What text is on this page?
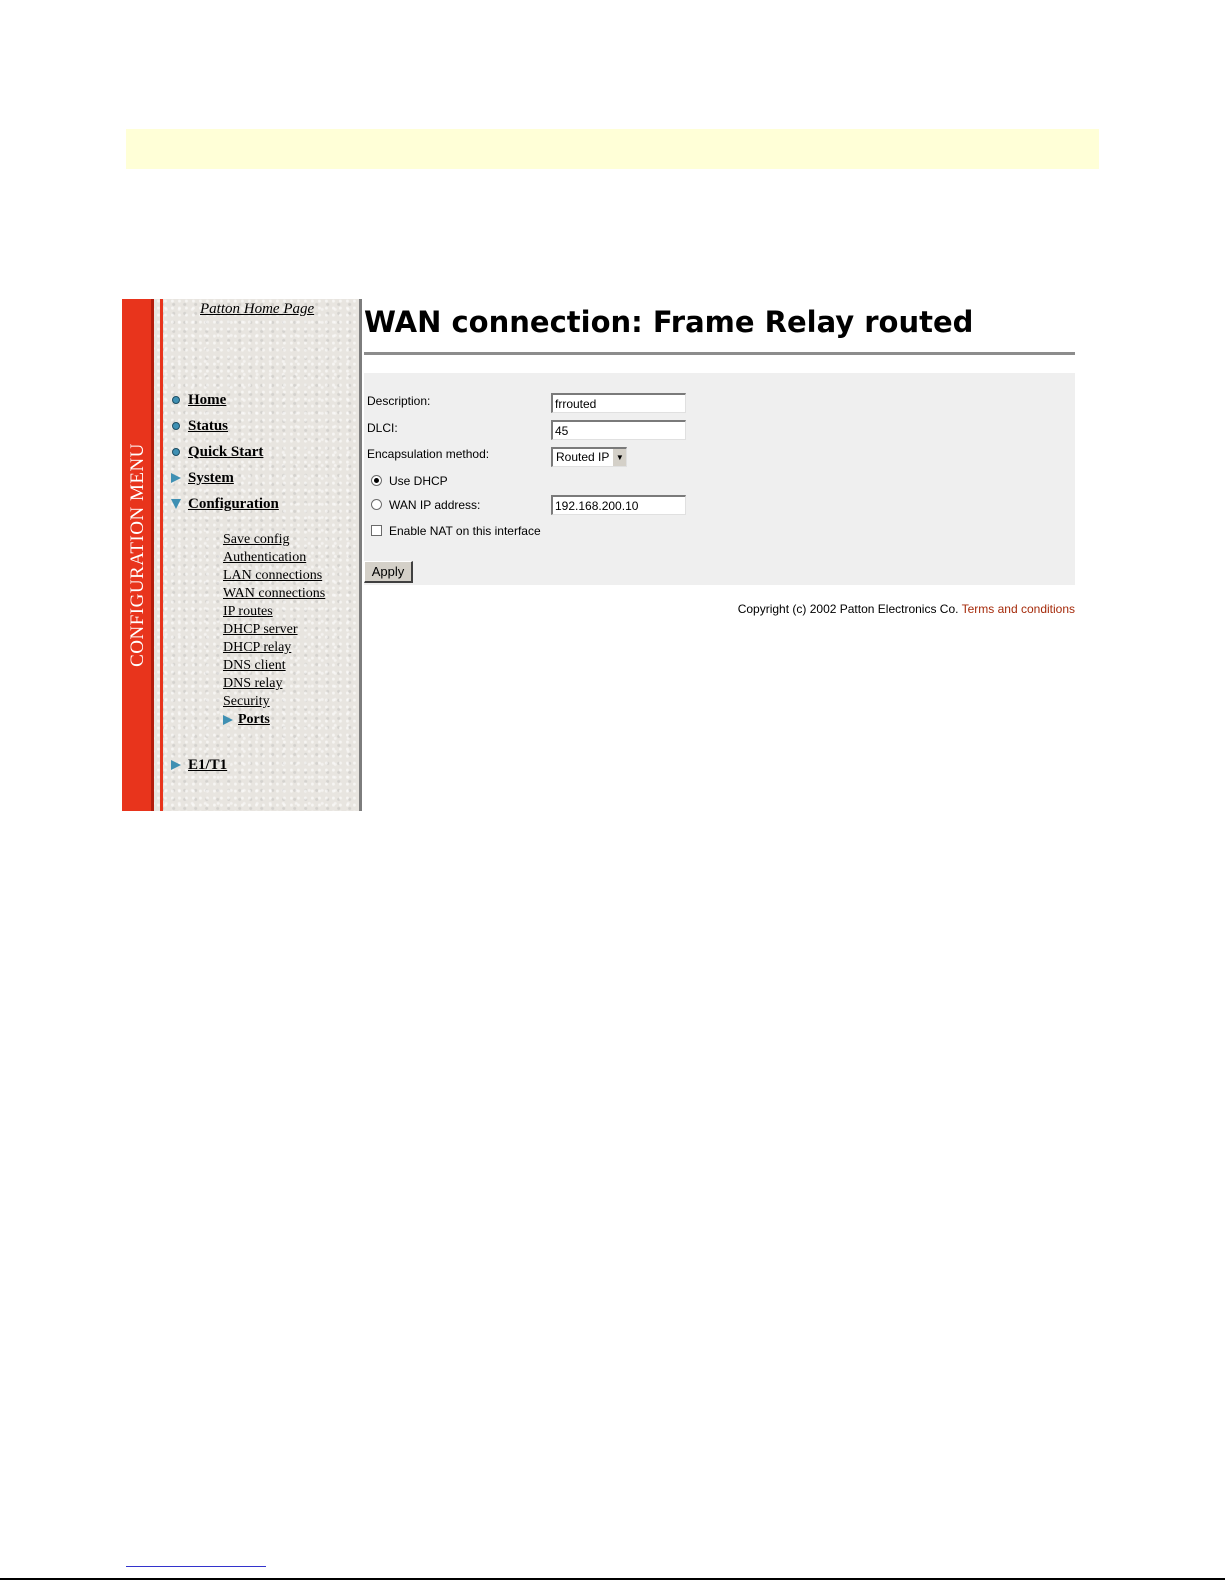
CONFIGURATION MENU
Patton Home Page
Home
Status
Quick Start
System
Configuration
Save config
Authentication
LAN connections
WAN connections
IP routes
DHCP server
DHCP relay
DNS client
DNS relay
Security
Ports
E1/T1
WAN connection: Frame Relay routed
Description:
frrouted
DLCI:
45
Encapsulation method:	Routed IP ▼
Use DHCP
WAN IP address:
192.168.200.10
Enable NAT on this interface
Apply
Copyright (c) 2002 Patton Electronics Co. Terms and conditions
